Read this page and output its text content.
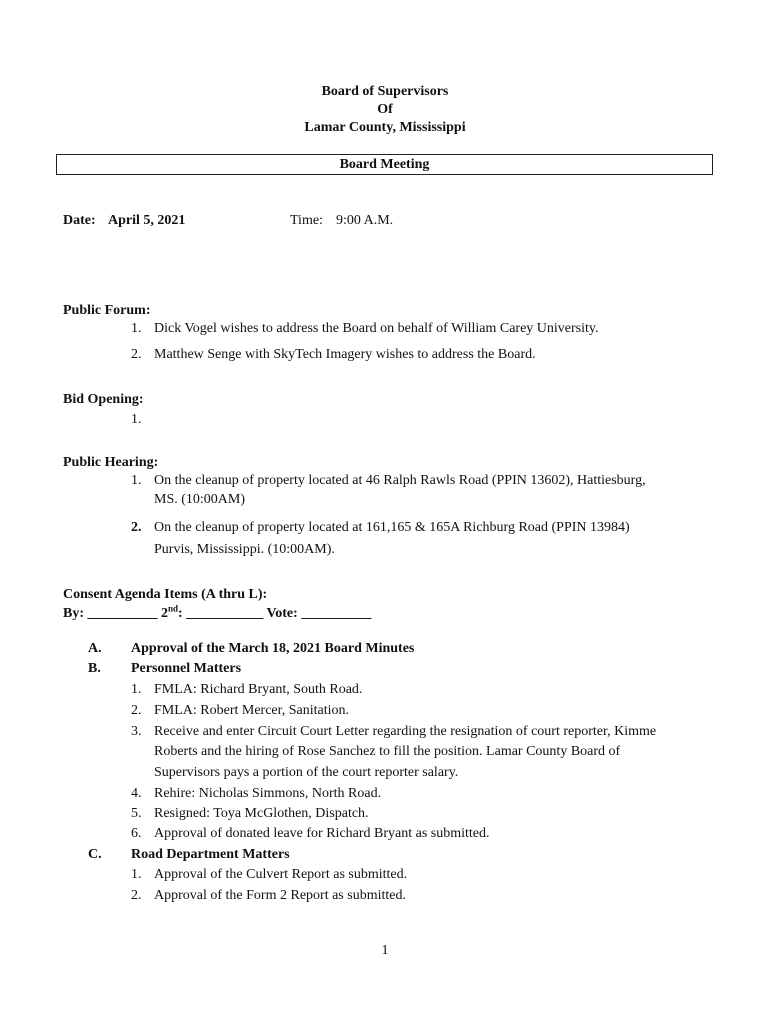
Board of Supervisors
Of
Lamar County, Mississippi
Board Meeting
Date: April 5, 2021	Time: 9:00 A.M.
Public Forum:
1. Dick Vogel wishes to address the Board on behalf of William Carey University.
2. Matthew Senge with SkyTech Imagery wishes to address the Board.
Bid Opening:
1.
Public Hearing:
1. On the cleanup of property located at 46 Ralph Rawls Road (PPIN 13602), Hattiesburg,
MS. (10:00AM)
2. On the cleanup of property located at 161,165 & 165A Richburg Road (PPIN 13984)
Purvis, Mississippi. (10:00AM).
Consent Agenda Items (A thru L):
By: __________ 2nd: ___________ Vote: __________
A. Approval of the March 18, 2021 Board Minutes
B. Personnel Matters
1. FMLA: Richard Bryant, South Road.
2. FMLA: Robert Mercer, Sanitation.
3. Receive and enter Circuit Court Letter regarding the resignation of court reporter, Kimme
Roberts and the hiring of Rose Sanchez to fill the position. Lamar County Board of
Supervisors pays a portion of the court reporter salary.
4. Rehire: Nicholas Simmons, North Road.
5. Resigned: Toya McGlothen, Dispatch.
6. Approval of donated leave for Richard Bryant as submitted.
C. Road Department Matters
1. Approval of the Culvert Report as submitted.
2. Approval of the Form 2 Report as submitted.
1
